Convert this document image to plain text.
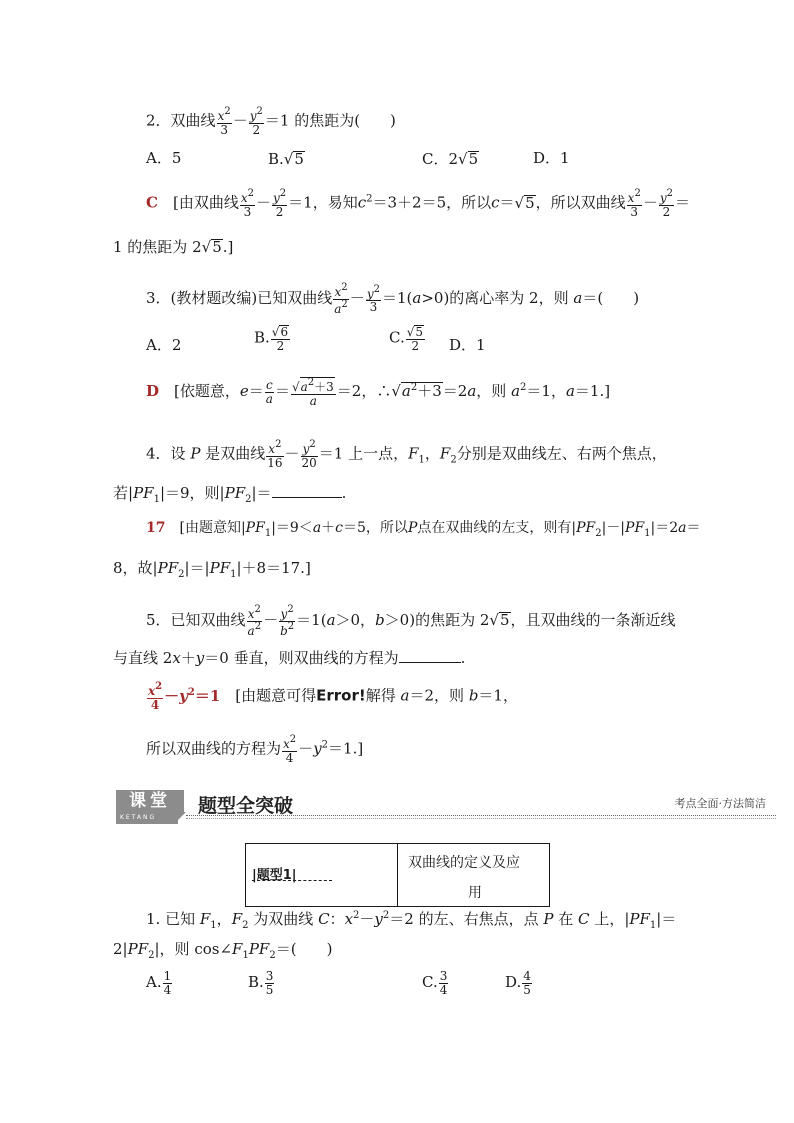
2．双曲线 $\frac{x^2}{3} - \frac{y^2}{2} =1$ 的焦距为(　　)
A．5	B.√5	C．2√5	D．1
C　 [由双曲线 $\frac{x^2}{3} - \frac{y^2}{2} =1$，易知$c^2=3+2=5$，所以c＝√5，所以双曲线 $\frac{x^2}{3} - \frac{y^2}{2}$ ＝
1 的焦距为 2√5.]
3．(教材题改编)已知双曲线 $\frac{x^2}{a^2} - \frac{y^2}{3} =1(a>0)$的离心率为 2，则 a＝(　　)
A．2	B. $\frac{√6}{2}$	C. $\frac{√5}{2}$ D．1
D　 [依题意，$e= \frac{c}{a} = \frac{√a^2+3}{a} =2$，$\therefore√a^2+3=2a$，则 $a^2=1$，a＝1.]
4．设 P 是双曲线 $\frac{x^2}{16} - \frac{y^2}{20} =1$ 上一点，$F_1$，$F_2$分别是双曲线左、右两个焦点，
若$|PF_1|=9$，则$|PF_2|=$	.
17　 [由题意知$|PF_1|=9<a+c=5$，所以P点在双曲线的左支，则有$|PF_2|-|PF_1|=2a=$
8，故$|PF_2|=|PF_1|+8=17$.]
5．已知双曲线 $\frac{x^2}{a^2} - \frac{y^2}{b^2} =1(a>0$，b＞0)的焦距为 2√5，且双曲线的一条渐近线
与直线 2x＋y＝0 垂直，则双曲线的方程为	.
$\frac{x^2}{4} -y^2=1$　 [由题意可得Error!解得 a＝2，则 b＝1，
所以双曲线的方程为 $\frac{x^2}{4} -y^2=1$.]
课堂
KETANG
题型全突破	考点全面·方法简洁
|题型1|
双曲线的定义及应
用
1. 已知 $F_1$，$F_2$ 为双曲线 C：$x^2-y^2=2$ 的左、右焦点，点 P 在 C 上，$|PF_1|=$
$2|PF_2|$，则 $\cos\angle F_1PF_2=$(　　)
A. $\frac{1}{4}$	B. $\frac{3}{5}$	C. $\frac{3}{4}$	D. $\frac{4}{5}$
